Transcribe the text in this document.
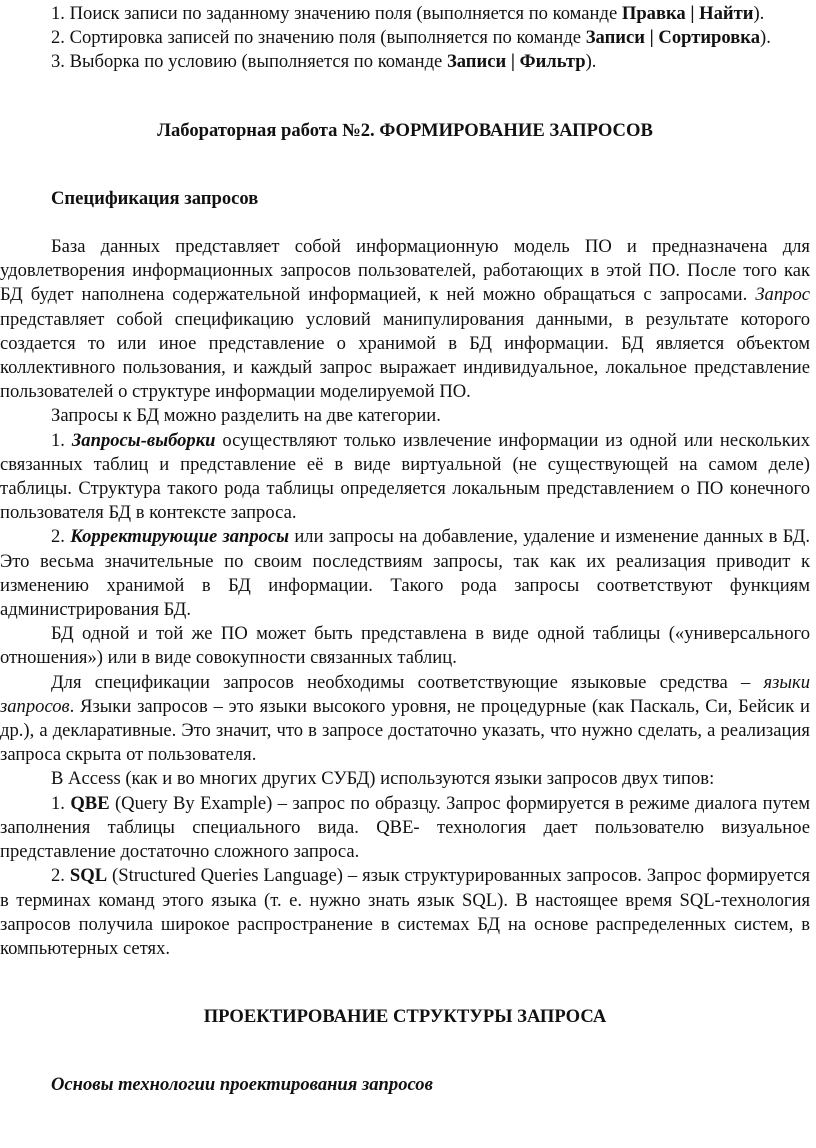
1. Поиск записи по заданному значению поля (выполняется по команде Правка | Найти).

2. Сортировка записей по значению поля (выполняется по команде Записи | Сортировка).

3. Выборка по условию (выполняется по команде Записи | Фильтр).

Лабораторная работа №2. ФОРМИРОВАНИЕ ЗАПРОСОВ
Спецификация запросов

База данных представляет собой информационную модель ПО и предназначена для удовлетворения информационных запросов пользователей, работающих в этой ПО. После того как БД будет наполнена содержательной информацией, к ней можно обращаться с запросами. Запрос представляет собой спецификацию условий манипулирования данными, в результате которого создается то или иное представление о хранимой в БД информации. БД является объектом коллективного пользования, и каждый запрос выражает индивидуальное, локальное представление пользователей о структуре информации моделируемой ПО.

Запросы к БД можно разделить на две категории.

1. Запросы-выборки осуществляют только извлечение информации из одной или нескольких связанных таблиц и представление её в виде виртуальной (не существующей на самом деле) таблицы. Структура такого рода таблицы определяется локальным представлением о ПО конечного пользователя БД в контексте запроса.

2. Корректирующие запросы или запросы на добавление, удаление и изменение данных в БД. Это весьма значительные по своим последствиям запросы, так как их реализация приводит к изменению хранимой в БД информации. Такого рода запросы соответствуют функциям администрирования БД.

БД одной и той же ПО может быть представлена в виде одной таблицы («универсального отношения») или в виде совокупности связанных таблиц.

Для спецификации запросов необходимы соответствующие языковые средства – языки запросов. Языки запросов – это языки высокого уровня, не процедурные (как Паскаль, Си, Бейсик и др.), а декларативные. Это значит, что в запросе достаточно указать, что нужно сделать, а реализация запроса скрыта от пользователя.

В Access (как и во многих других СУБД) используются языки запросов двух типов:

1. QBE (Query By Example) – запрос по образцу. Запрос формируется в режиме диалога путем заполнения таблицы специального вида. QBE- технология дает пользователю визуальное представление достаточно сложного запроса.

2. SQL (Structured Queries Language) – язык структурированных запросов. Запрос формируется в терминах команд этого языка (т. е. нужно знать язык SQL). В настоящее время SQL-технология запросов получила широкое распространение в системах БД на основе распределенных систем, в компьютерных сетях.

ПРОЕКТИРОВАНИЕ СТРУКТУРЫ ЗАПРОСА
Основы технологии проектирования запросов
